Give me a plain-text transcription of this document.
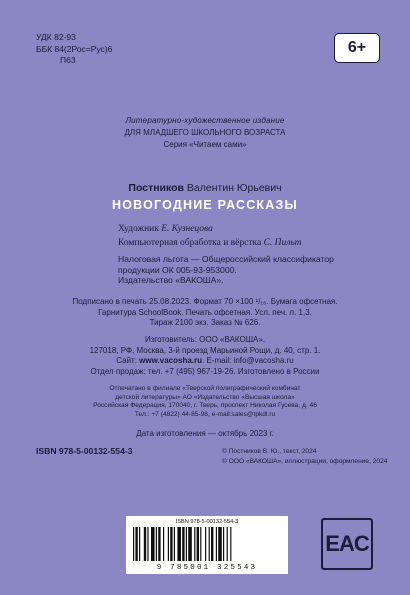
УДК 82-93
ББК 84(2Рос=Рус)6
П63
6+
Литературно-художественное издание
ДЛЯ МЛАДШЕГО ШКОЛЬНОГО ВОЗРАСТА
Серия «Читаем сами»
Постников Валентин Юрьевич
НОВОГОДНИЕ РАССКАЗЫ
Художник Е. Кузнецова
Компьютерная обработка и вёрстка С. Пильт
Налоговая льгота — Общероссийский классификатор
продукции ОК 005-93-953000.
Издательство «ВАКОША».
Подписано в печать 25.08.2023. Формат 70 ×100 ¹/₁₆. Бумага офсетная.
Гарнитура SchoolBook. Печать офсетная. Усл. печ. л. 1,3.
Тираж 2100 экз. Заказ № 626.
Изготовитель: ООО «ВАКОША».
127018, РФ, Москва, 3-й проезд Марьиной Рощи, д. 40, стр. 1.
Сайт: www.vacosha.ru. E-mail: info@vacosha.ru
Отдел продаж: тел. +7 (495) 967-19-26. Изготовлено в России
Отпечатано в филиале «Тверской полиграфический комбинат
детской литературы» АО «Издательство «Высшая школа»
Российская Федерация, 170040, г. Тверь, проспект Николая Гусева, д. 46
Тел.: +7 (4822) 44-85-98, e-mail:sales@tpkdl.ru
Дата изготовления — октябрь 2023 г.
ISBN 978-5-00132-554-3	© Постников В. Ю., текст, 2024
© ООО «ВАКОША», иллюстрации, оформление, 2024
ISBN 978-5-00132-554-3
9 785001 325543
EAC
